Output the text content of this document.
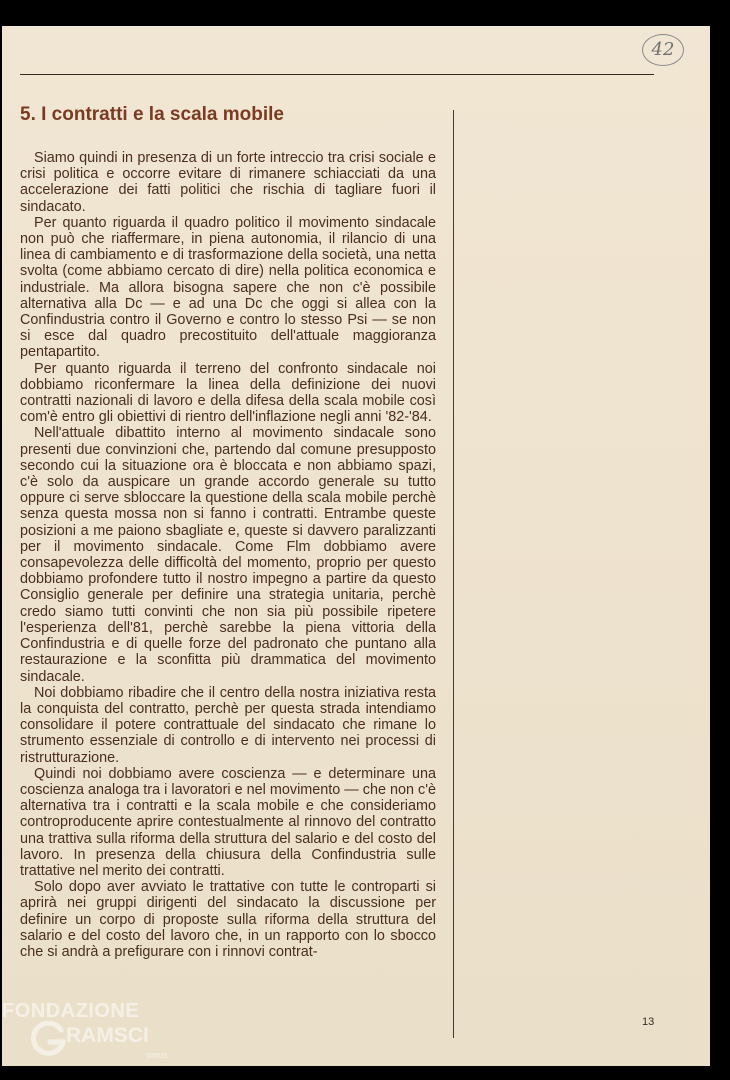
42
5. I contratti e la scala mobile

Siamo quindi in presenza di un forte intreccio tra crisi sociale e crisi politica e occorre evitare di rimanere schiacciati da una accelerazione dei fatti politici che rischia di tagliare fuori il sindacato.

Per quanto riguarda il quadro politico il movimento sindacale non può che riaffermare, in piena autonomia, il rilancio di una linea di cambiamento e di trasformazione della società, una netta svolta (come abbiamo cercato di dire) nella politica economica e industriale. Ma allora bisogna sapere che non c'è possibile alternativa alla Dc — e ad una Dc che oggi si allea con la Confindustria contro il Governo e contro lo stesso Psi — se non si esce dal quadro precostituito dell'attuale maggioranza pentapartito.

Per quanto riguarda il terreno del confronto sindacale noi dobbiamo riconfermare la linea della definizione dei nuovi contratti nazionali di lavoro e della difesa della scala mobile così com'è entro gli obiettivi di rientro dell'inflazione negli anni '82-'84.

Nell'attuale dibattito interno al movimento sindacale sono presenti due convinzioni che, partendo dal comune presupposto secondo cui la situazione ora è bloccata e non abbiamo spazi, c'è solo da auspicare un grande accordo generale su tutto oppure ci serve sbloccare la questione della scala mobile perchè senza questa mossa non si fanno i contratti. Entrambe queste posizioni a me paiono sbagliate e, queste si davvero paralizzanti per il movimento sindacale. Come Flm dobbiamo avere consapevolezza delle difficoltà del momento, proprio per questo dobbiamo profondere tutto il nostro impegno a partire da questo Consiglio generale per definire una strategia unitaria, perchè credo siamo tutti convinti che non sia più possibile ripetere l'esperienza dell'81, perchè sarebbe la piena vittoria della Confindustria e di quelle forze del padronato che puntano alla restaurazione e la sconfitta più drammatica del movimento sindacale.

Noi dobbiamo ribadire che il centro della nostra iniziativa resta la conquista del contratto, perchè per questa strada intendiamo consolidare il potere contrattuale del sindacato che rimane lo strumento essenziale di controllo e di intervento nei processi di ristrutturazione.

Quindi noi dobbiamo avere coscienza — e determinare una coscienza analoga tra i lavoratori e nel movimento — che non c'è alternativa tra i contratti e la scala mobile e che consideriamo controproducente aprire contestualmente al rinnovo del contratto una trattiva sulla riforma della struttura del salario e del costo del lavoro. In presenza della chiusura della Confindustria sulle trattative nel merito dei contratti.

Solo dopo aver avviato le trattative con tutte le controparti si aprirà nei gruppi dirigenti del sindacato la discussione per definire un corpo di proposte sulla riforma della struttura del salario e del costo del lavoro che, in un rapporto con lo sbocco che si andrà a prefigurare con i rinnovi contrat-

13
FONDAZIONE
RAMSCI
onlus
